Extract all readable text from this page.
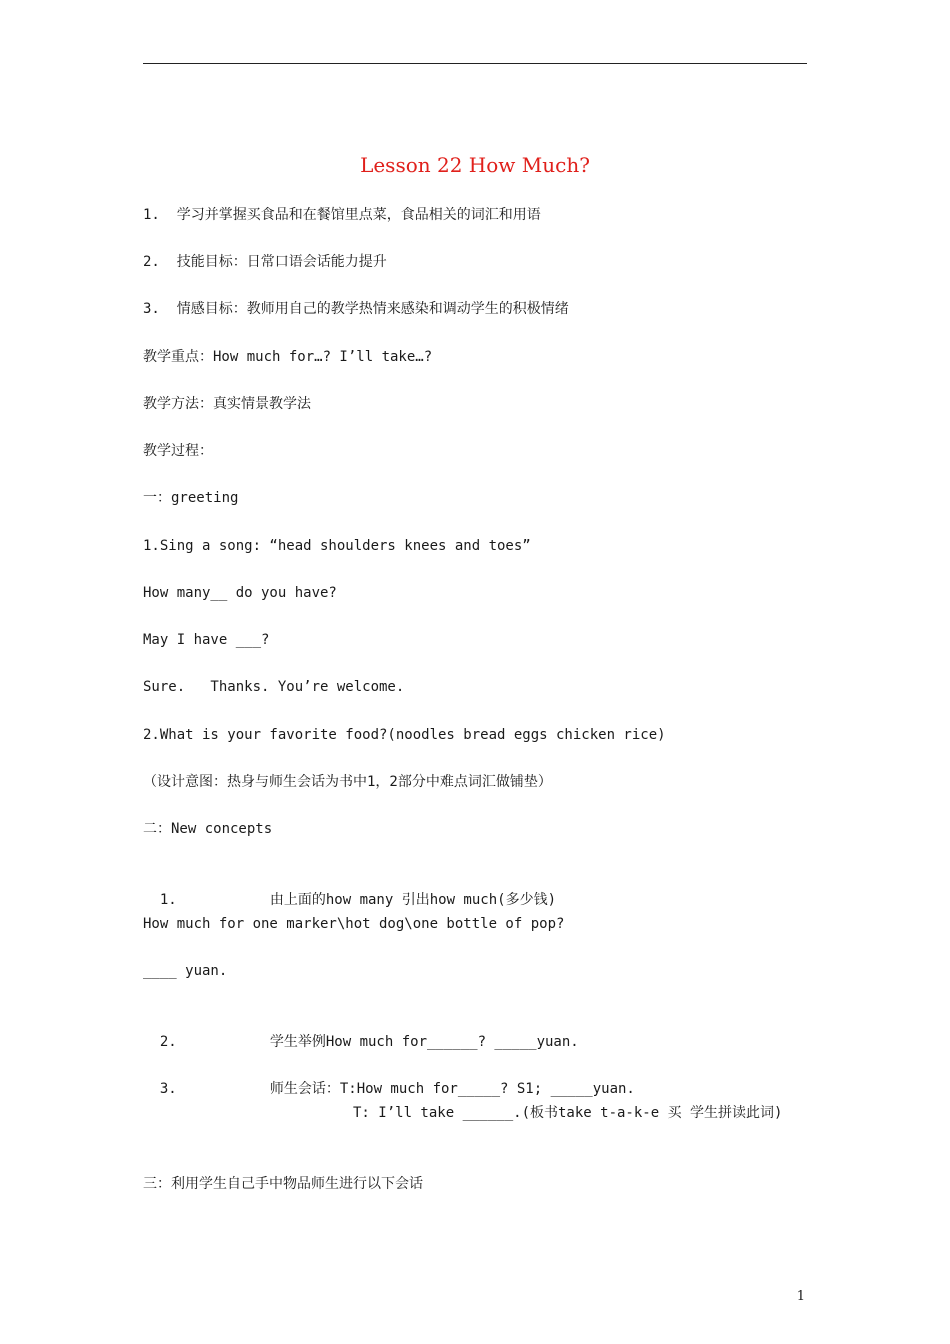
Lesson 22 How Much?
1.  学习并掌握买食品和在餐馆里点菜，食品相关的词汇和用语
2.  技能目标：日常口语会话能力提升
3.  情感目标：教师用自己的教学热情来感染和调动学生的积极情绪
教学重点：How much for…? I’ll take…?
教学方法：真实情景教学法
教学过程：
一：greeting
1.Sing a song: “head shoulders knees and toes”
How many__ do you have?
May I have ___?
Sure.   Thanks. You’re welcome.
2.What is your favorite food?(noodles bread eggs chicken rice)
（设计意图：热身与师生会话为书中1，2部分中难点词汇做铺垫）
二：New concepts

1.	由上面的how many 引出how much(多少钱)

How much for one marker\hot dog\one bottle of pop?
____ yuan.

2.	学生举例How much for______? _____yuan.

3.	师生会话：T:How much for_____? S1; _____yuan.

T: I’ll take ______.(板书take t-a-k-e 买 学生拼读此词)
三：利用学生自己手中物品师生进行以下会话
1
